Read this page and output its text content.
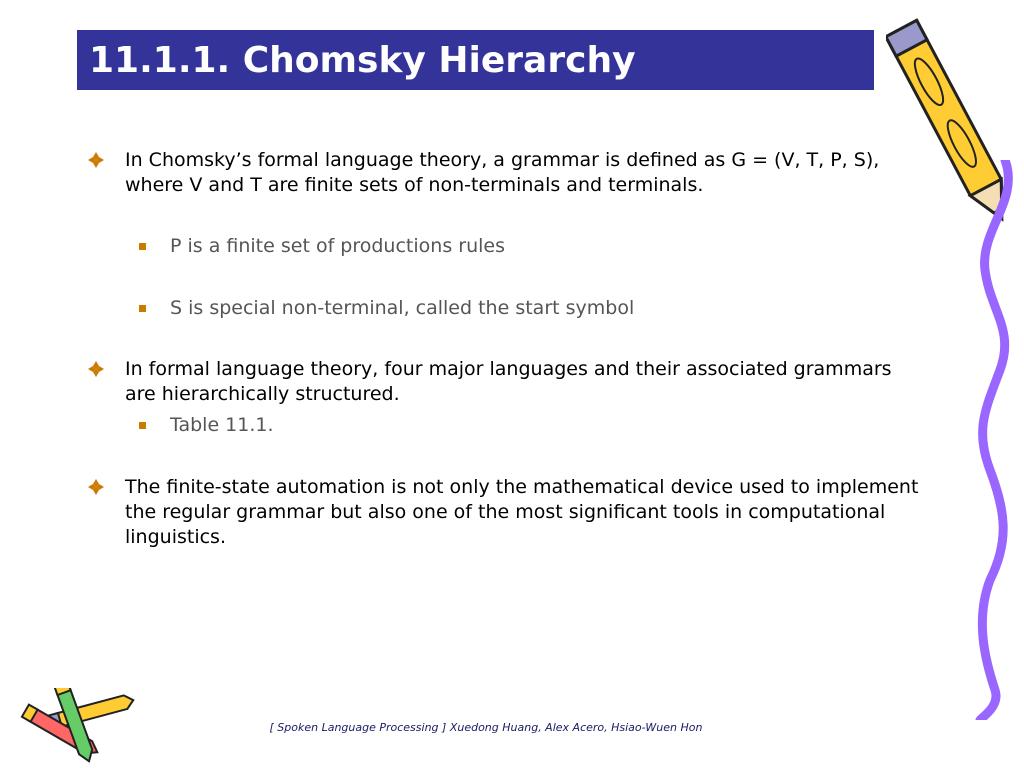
11.1.1. Chomsky Hierarchy
In Chomsky’s formal language theory, a grammar is defined as G = (V, T, P, S), where V and T are finite sets of non-terminals and terminals.
P is a finite set of productions rules
S is special non-terminal, called the start symbol
In formal language theory, four major languages and their associated grammars are hierarchically structured.
Table 11.1.
The finite-state automation is not only the mathematical device used to implement the regular grammar but also one of the most significant tools in computational linguistics.
[ Spoken Language Processing ] Xuedong Huang, Alex Acero, Hsiao-Wuen Hon
